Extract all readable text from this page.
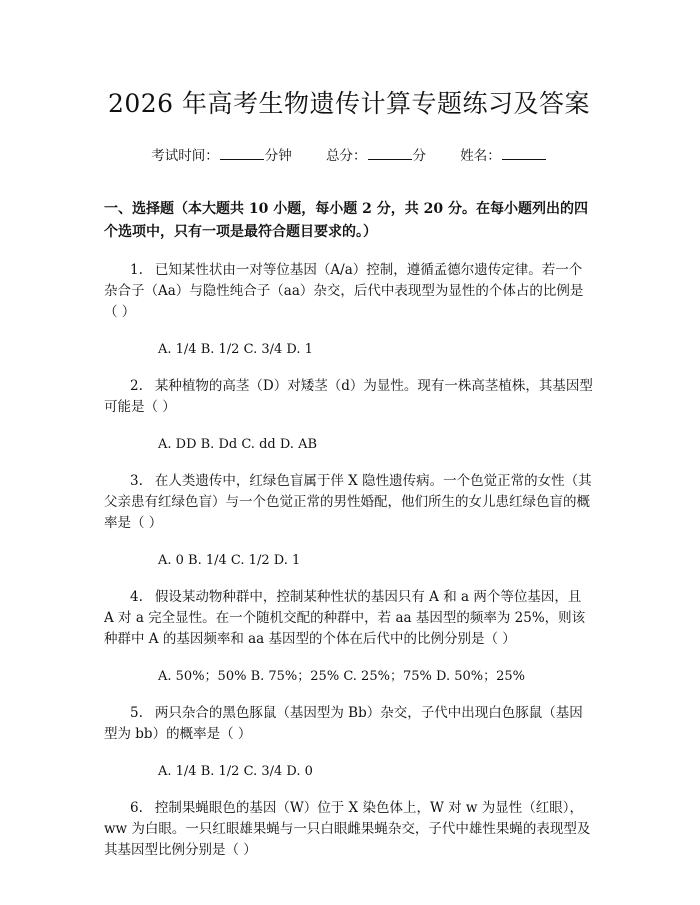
2026 年高考生物遗传计算专题练习及答案
考试时间：	分钟	总分：	分	姓名：
一、选择题（本大题共 10 小题，每小题 2 分，共 20 分。在每小题列出的四个选项中，只有一项是最符合题目要求的。）
1. 已知某性状由一对等位基因（A/a）控制，遵循孟德尔遗传定律。若一个杂合子（Aa）与隐性纯合子（aa）杂交，后代中表现型为显性的个体占的比例是（ ）
A. 1/4 B. 1/2 C. 3/4 D. 1
2. 某种植物的高茎（D）对矮茎（d）为显性。现有一株高茎植株，其基因型可能是（ ）
A. DD B. Dd C. dd D. AB
3. 在人类遗传中，红绿色盲属于伴 X 隐性遗传病。一个色觉正常的女性（其父亲患有红绿色盲）与一个色觉正常的男性婚配，他们所生的女儿患红绿色盲的概率是（ ）
A. 0 B. 1/4 C. 1/2 D. 1
4. 假设某动物种群中，控制某种性状的基因只有 A 和 a 两个等位基因，且 A 对 a 完全显性。在一个随机交配的种群中，若 aa 基因型的频率为 25%，则该种群中 A 的基因频率和 aa 基因型的个体在后代中的比例分别是（ ）
A. 50%；50% B. 75%；25% C. 25%；75% D. 50%；25%
5. 两只杂合的黑色豚鼠（基因型为 Bb）杂交，子代中出现白色豚鼠（基因型为 bb）的概率是（ ）
A. 1/4 B. 1/2 C. 3/4 D. 0
6. 控制果蝇眼色的基因（W）位于 X 染色体上，W 对 w 为显性（红眼），ww 为白眼。一只红眼雄果蝇与一只白眼雌果蝇杂交，子代中雄性果蝇的表现型及其基因型比例分别是（ ）
